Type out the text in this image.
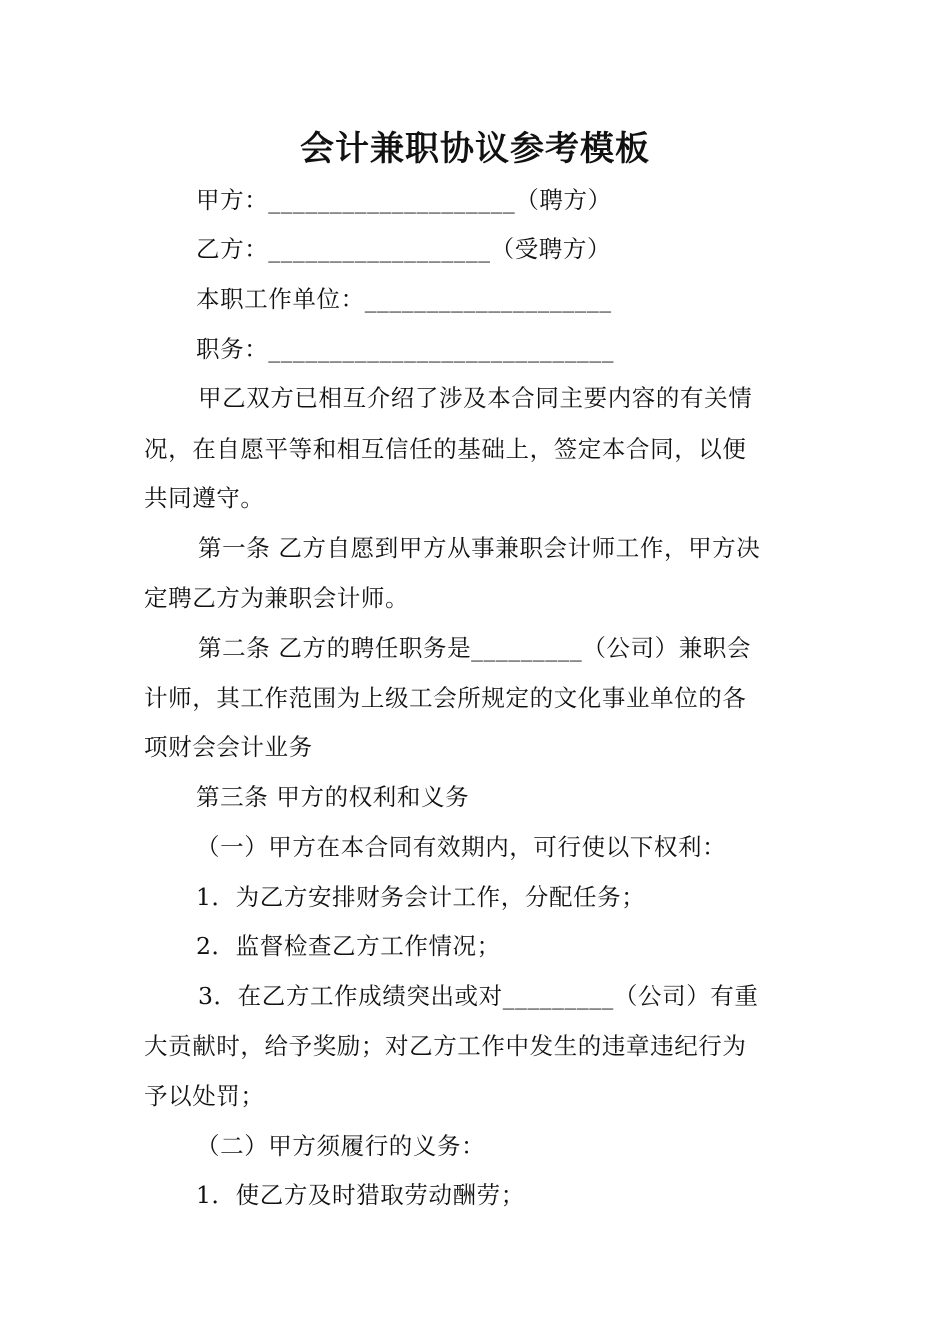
会计兼职协议参考模板
甲方：____________________（聘方）
乙方：__________________（受聘方）
本职工作单位：____________________
职务：____________________________
甲乙双方已相互介绍了涉及本合同主要内容的有关情
况，在自愿平等和相互信任的基础上，签定本合同，以便
共同遵守。
第一条 乙方自愿到甲方从事兼职会计师工作，甲方决
定聘乙方为兼职会计师。
第二条 乙方的聘任职务是_________（公司）兼职会
计师，其工作范围为上级工会所规定的文化事业单位的各
项财会会计业务
第三条 甲方的权利和义务
（一）甲方在本合同有效期内，可行使以下权利：
1．为乙方安排财务会计工作，分配任务；
2．监督检查乙方工作情况；
3．在乙方工作成绩突出或对_________（公司）有重
大贡献时，给予奖励；对乙方工作中发生的违章违纪行为
予以处罚；
（二）甲方须履行的义务：
1．使乙方及时猎取劳动酬劳；
